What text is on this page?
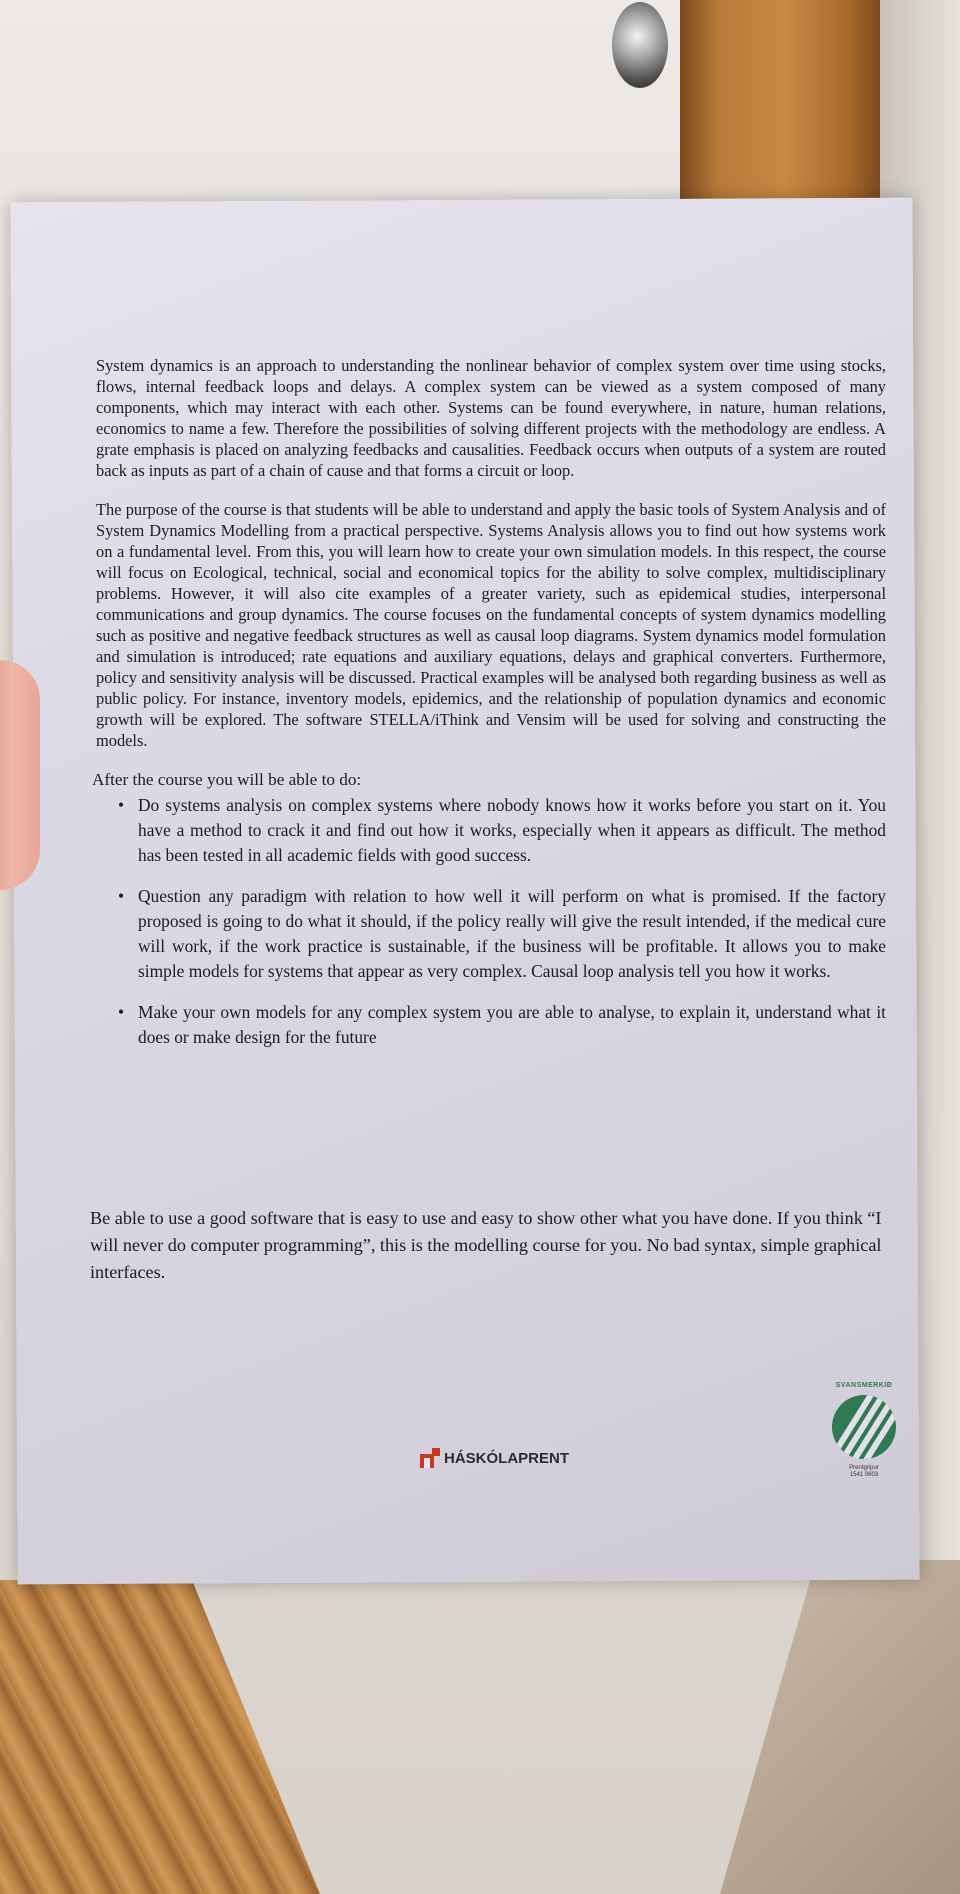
System dynamics is an approach to understanding the nonlinear behavior of complex system over time using stocks, flows, internal feedback loops and delays. A complex system can be viewed as a system composed of many components, which may interact with each other. Systems can be found everywhere, in nature, human relations, economics to name a few. Therefore the possibilities of solving different projects with the methodology are endless. A grate emphasis is placed on analyzing feedbacks and causalities. Feedback occurs when outputs of a system are routed back as inputs as part of a chain of cause and that forms a circuit or loop.

The purpose of the course is that students will be able to understand and apply the basic tools of System Analysis and of System Dynamics Modelling from a practical perspective. Systems Analysis allows you to find out how systems work on a fundamental level. From this, you will learn how to create your own simulation models. In this respect, the course will focus on Ecological, technical, social and economical topics for the ability to solve complex, multidisciplinary problems. However, it will also cite examples of a greater variety, such as epidemical studies, interpersonal communications and group dynamics. The course focuses on the fundamental concepts of system dynamics modelling such as positive and negative feedback structures as well as causal loop diagrams. System dynamics model formulation and simulation is introduced; rate equations and auxiliary equations, delays and graphical converters. Furthermore, policy and sensitivity analysis will be discussed. Practical examples will be analysed both regarding business as well as public policy. For instance, inventory models, epidemics, and the relationship of population dynamics and economic growth will be explored. The software STELLA/iThink and Vensim will be used for solving and constructing the models.

After the course you will be able to do:
• Do systems analysis on complex systems where nobody knows how it works before you start on it. You have a method to crack it and find out how it works, especially when it appears as difficult. The method has been tested in all academic fields with good success.
• Question any paradigm with relation to how well it will perform on what is promised. If the factory proposed is going to do what it should, if the policy really will give the result intended, if the medical cure will work, if the work practice is sustainable, if the business will be profitable. It allows you to make simple models for systems that appear as very complex. Causal loop analysis tell you how it works.
• Make your own models for any complex system you are able to analyse, to explain it, understand what it does or make design for the future
Be able to use a good software that is easy to use and easy to show other what you have done. If you think “I will never do computer programming”, this is the modelling course for you. No bad syntax, simple graphical interfaces.
HÁSKÓLAPRENT
SVANSMERKIÐ
Prentgripur
1541 0603
